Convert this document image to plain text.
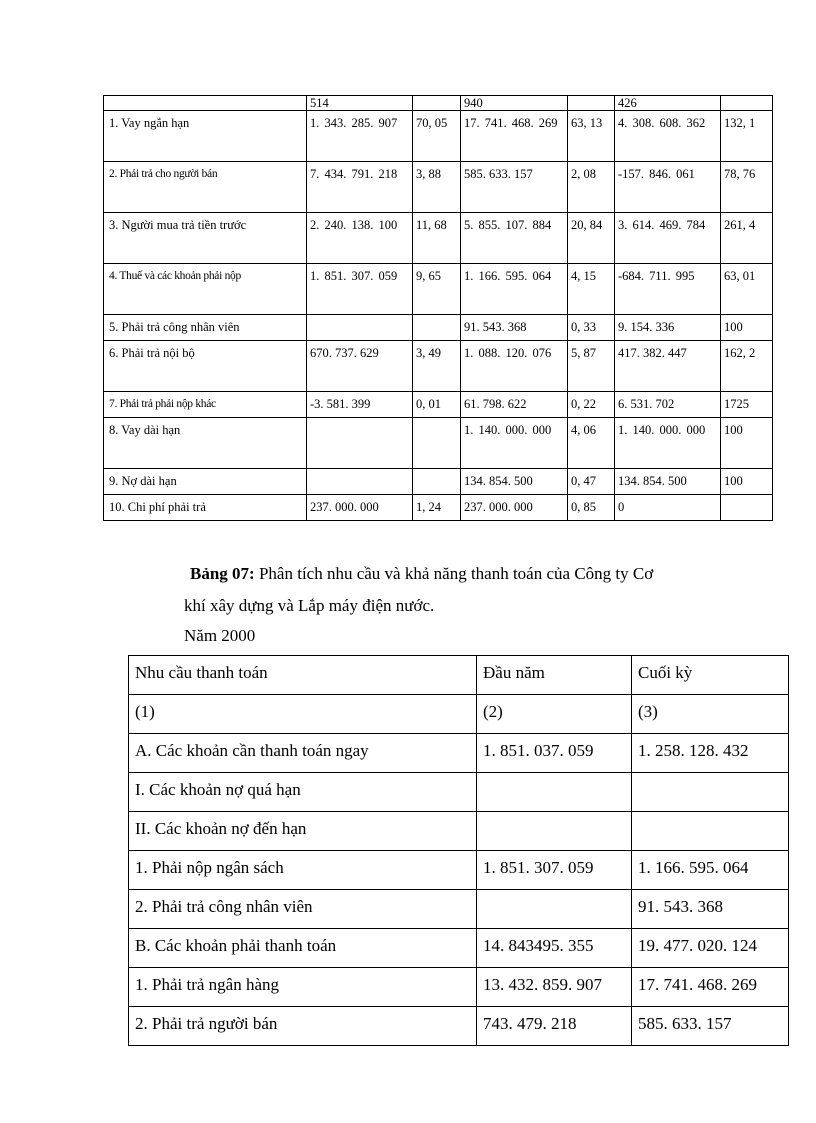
	514		940		426	

1. Vay ngắn hạn	1. 343. 285. 907	70, 05	17. 741. 468. 269	63, 13	4. 308. 608. 362	132, 1

2. Phải trả cho người bán	7. 434. 791. 218	3, 88	585. 633. 157	2, 08	-157. 846. 061	78, 76

3. Người mua trả tiền trước	2. 240. 138. 100	11, 68	5. 855. 107. 884	20, 84	3. 614. 469. 784	261, 4

4. Thuế và các khoản phải nộp	1. 851. 307. 059	9, 65	1. 166. 595. 064	4, 15	-684. 711. 995	63, 01

5. Phải trả công nhân viên			91. 543. 368	0, 33	9. 154. 336	100

6. Phải trả nội bộ	670. 737. 629	3, 49	1. 088. 120. 076	5, 87	417. 382. 447	162, 2

7. Phải trả phải nộp khác	-3. 581. 399	0, 01	61. 798. 622	0, 22	6. 531. 702	1725

8. Vay dài hạn			1. 140. 000. 000	4, 06	1. 140. 000. 000	100

9. Nợ dài hạn			134. 854. 500	0, 47	134. 854. 500	100

10. Chi phí phải trả	237. 000. 000	1, 24	237. 000. 000	0, 85	0	

Bảng 07: Phân tích nhu cầu và khả năng thanh toán của Công ty Cơ
khí xây dựng và Lắp máy điện nước.
Năm 2000
Nhu cầu thanh toán	Đầu năm	Cuối kỳ
(1)	(2)	(3)
A. Các khoản cần thanh toán ngay	1. 851. 037. 059	1. 258. 128. 432
I. Các khoản nợ quá hạn		
II. Các khoản nợ đến hạn		
1. Phải nộp ngân sách	1. 851. 307. 059	1. 166. 595. 064
2. Phải trả công nhân viên		91. 543. 368
B. Các khoản phải thanh toán	14. 843495. 355	19. 477. 020. 124
1. Phải trả ngân hàng	13. 432. 859. 907	17. 741. 468. 269
2. Phải trả người bán	743. 479. 218	585. 633. 157
